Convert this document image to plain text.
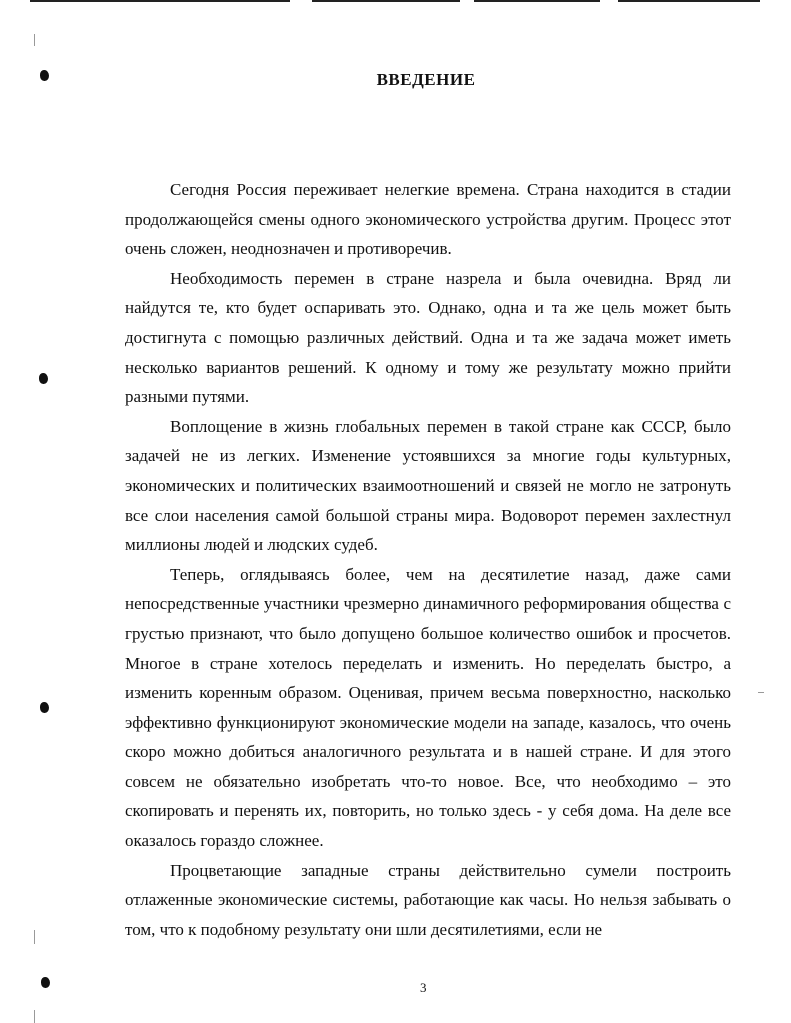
ВВЕДЕНИЕ

Сегодня Россия переживает нелегкие времена. Страна находится в стадии продолжающейся смены одного экономического устройства другим. Процесс этот очень сложен, неоднозначен и противоречив.

Необходимость перемен в стране назрела и была очевидна. Вряд ли найдутся те, кто будет оспаривать это. Однако, одна и та же цель может быть достигнута с помощью различных действий. Одна и та же задача может иметь несколько вариантов решений. К одному и тому же результату можно прийти разными путями.

Воплощение в жизнь глобальных перемен в такой стране как СССР, было задачей не из легких. Изменение устоявшихся за многие годы культурных, экономических и политических взаимоотношений и связей не могло не затронуть все слои населения самой большой страны мира. Водоворот перемен захлестнул миллионы людей и людских судеб.

Теперь, оглядываясь более, чем на десятилетие назад, даже сами непосредственные участники чрезмерно динамичного реформирования общества с грустью признают, что было допущено большое количество ошибок и просчетов. Многое в стране хотелось переделать и изменить. Но переделать быстро, а изменить коренным образом. Оценивая, причем весьма поверхностно, насколько эффективно функционируют экономические модели на западе, казалось, что очень скоро можно добиться аналогичного результата и в нашей стране. И для этого совсем не обязательно изобретать что-то новое. Все, что необходимо – это скопировать и перенять их, повторить, но только здесь - у себя дома. На деле все оказалось гораздо сложнее.

Процветающие западные страны действительно сумели построить отлаженные экономические системы, работающие как часы. Но нельзя забывать о том, что к подобному результату они шли десятилетиями, если не

3
